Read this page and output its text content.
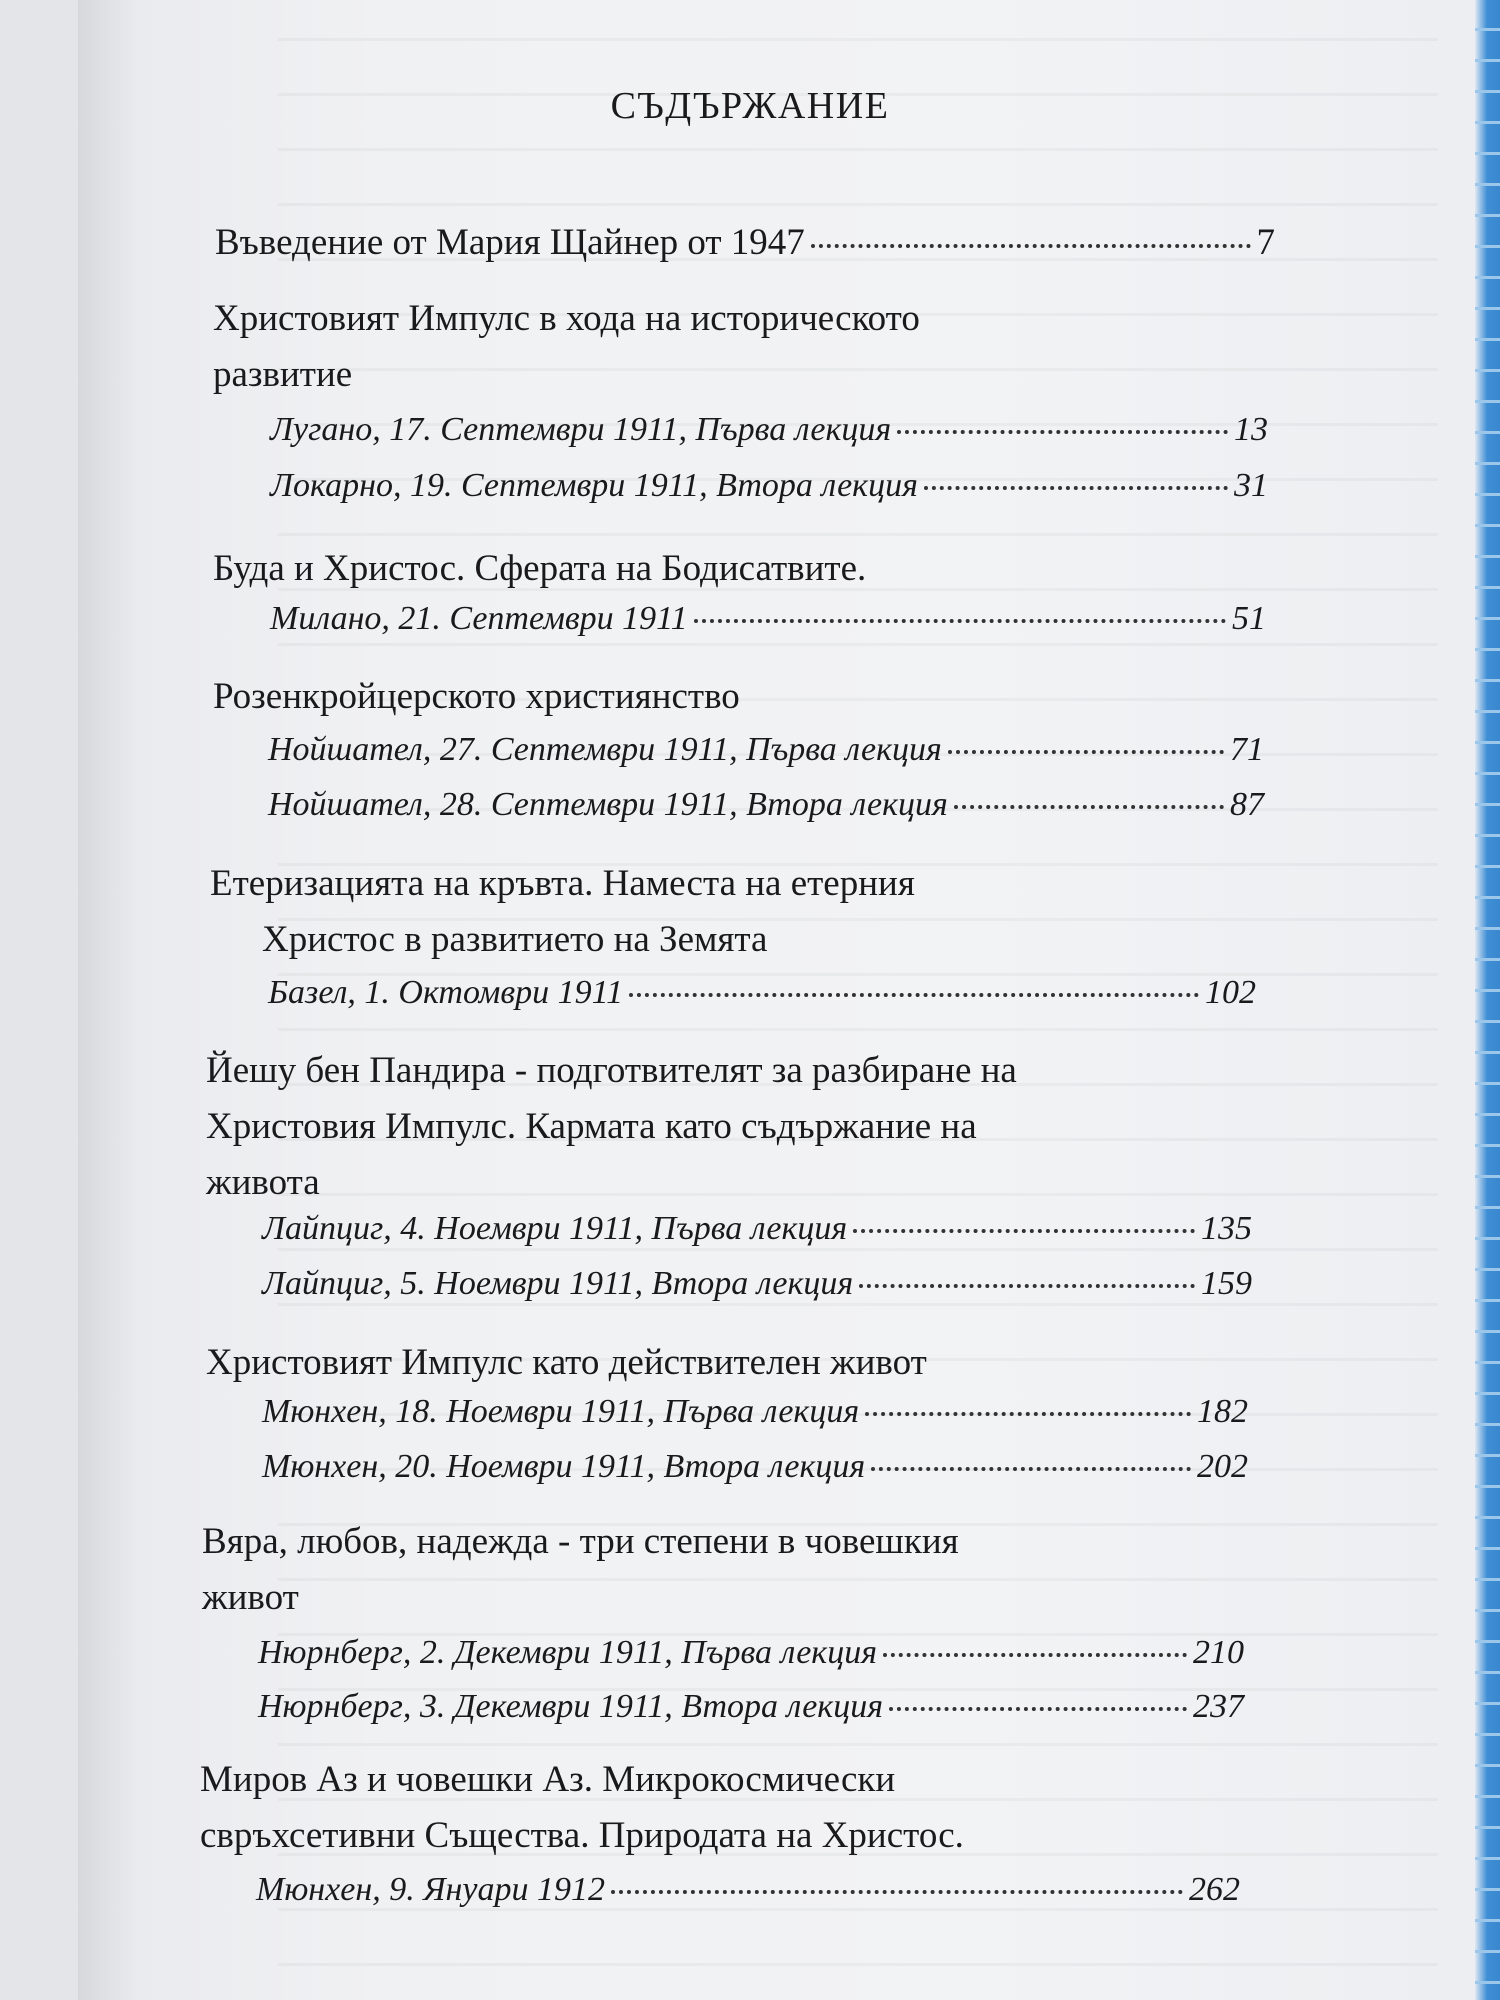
СЪДЪРЖАНИЕ
Въведение от Мария Щайнер от 1947	7
Христовият Импулс в хода на историческото
развитие
Лугано, 17. Септември 1911, Първа лекция	13
Локарно, 19. Септември 1911, Втора лекция	31
Буда и Христос. Сферата на Бодисатвите.
Милано, 21. Септември 1911	51
Розенкройцерското християнство
Нойшател, 27. Септември 1911, Първа лекция	71
Нойшател, 28. Септември 1911, Втора лекция	87
Етеризацията на кръвта. Наместа на етерния
Христос в развитието на Земята
Базел, 1. Октомври 1911	102
Йешу бен Пандира - подготвителят за разбиране на
Христовия Импулс. Кармата като съдържание на
живота
Лайпциг, 4. Ноември 1911, Първа лекция	135
Лайпциг, 5. Ноември 1911, Втора лекция	159
Христовият Импулс като действителен живот
Мюнхен, 18. Ноември 1911, Първа лекция	182
Мюнхен, 20. Ноември 1911, Втора лекция	202
Вяра, любов, надежда - три степени в човешкия
живот
Нюрнберг, 2. Декември 1911, Първа лекция	210
Нюрнберг, 3. Декември 1911, Втора лекция	237
Миров Аз и човешки Аз. Микрокосмически
свръхсетивни Същества. Природата на Христос.
Мюнхен, 9. Януари 1912	262
